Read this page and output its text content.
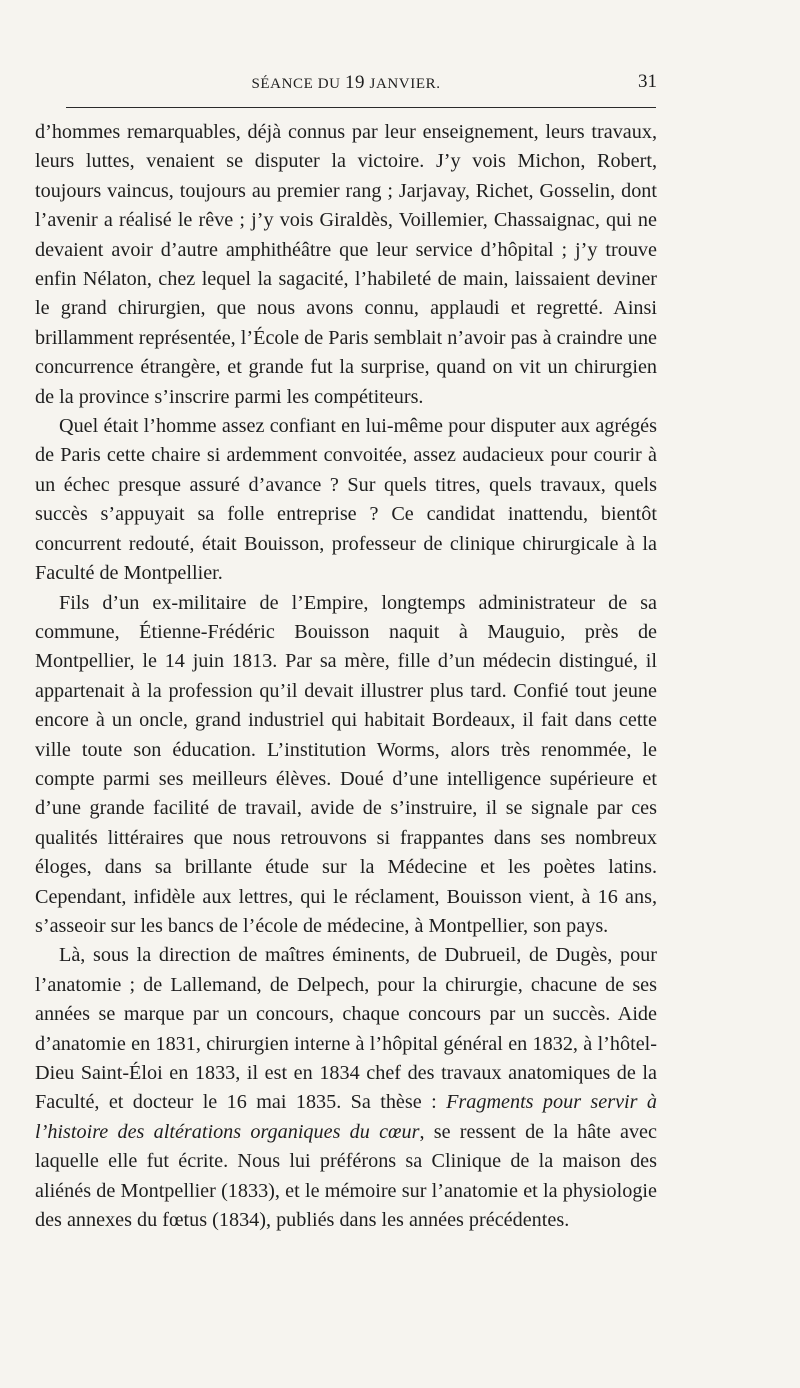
SÉANCE DU 19 JANVIER.	31

d’hommes remarquables, déjà connus par leur enseignement, leurs travaux, leurs luttes, venaient se disputer la victoire. J’y vois Michon, Robert, toujours vaincus, toujours au premier rang ; Jarjavay, Richet, Gosselin, dont l’avenir a réalisé le rêve ; j’y vois Giraldès, Voillemier, Chassaignac, qui ne devaient avoir d’autre amphithéâtre que leur service d’hôpital ; j’y trouve enfin Nélaton, chez lequel la sagacité, l’habileté de main, laissaient deviner le grand chirurgien, que nous avons connu, applaudi et regretté. Ainsi brillamment représentée, l’École de Paris semblait n’avoir pas à craindre une concurrence étrangère, et grande fut la surprise, quand on vit un chirurgien de la province s’inscrire parmi les compétiteurs.

Quel était l’homme assez confiant en lui-même pour disputer aux agrégés de Paris cette chaire si ardemment convoitée, assez audacieux pour courir à un échec presque assuré d’avance ? Sur quels titres, quels travaux, quels succès s’appuyait sa folle entreprise ? Ce candidat inattendu, bientôt concurrent redouté, était Bouisson, professeur de clinique chirurgicale à la Faculté de Montpellier.

Fils d’un ex-militaire de l’Empire, longtemps administrateur de sa commune, Étienne-Frédéric Bouisson naquit à Mauguio, près de Montpellier, le 14 juin 1813. Par sa mère, fille d’un médecin distingué, il appartenait à la profession qu’il devait illustrer plus tard. Confié tout jeune encore à un oncle, grand industriel qui habitait Bordeaux, il fait dans cette ville toute son éducation. L’institution Worms, alors très renommée, le compte parmi ses meilleurs élèves. Doué d’une intelligence supérieure et d’une grande facilité de travail, avide de s’instruire, il se signale par ces qualités littéraires que nous retrouvons si frappantes dans ses nombreux éloges, dans sa brillante étude sur la Médecine et les poètes latins. Cependant, infidèle aux lettres, qui le réclament, Bouisson vient, à 16 ans, s’asseoir sur les bancs de l’école de médecine, à Montpellier, son pays.

Là, sous la direction de maîtres éminents, de Dubrueil, de Dugès, pour l’anatomie ; de Lallemand, de Delpech, pour la chirurgie, chacune de ses années se marque par un concours, chaque concours par un succès. Aide d’anatomie en 1831, chirurgien interne à l’hôpital général en 1832, à l’hôtel-Dieu Saint-Éloi en 1833, il est en 1834 chef des travaux anatomiques de la Faculté, et docteur le 16 mai 1835. Sa thèse : Fragments pour servir à l’histoire des altérations organiques du cœur, se ressent de la hâte avec laquelle elle fut écrite. Nous lui préférons sa Clinique de la maison des aliénés de Montpellier (1833), et le mémoire sur l’anatomie et la physiologie des annexes du fœtus (1834), publiés dans les années précédentes.
